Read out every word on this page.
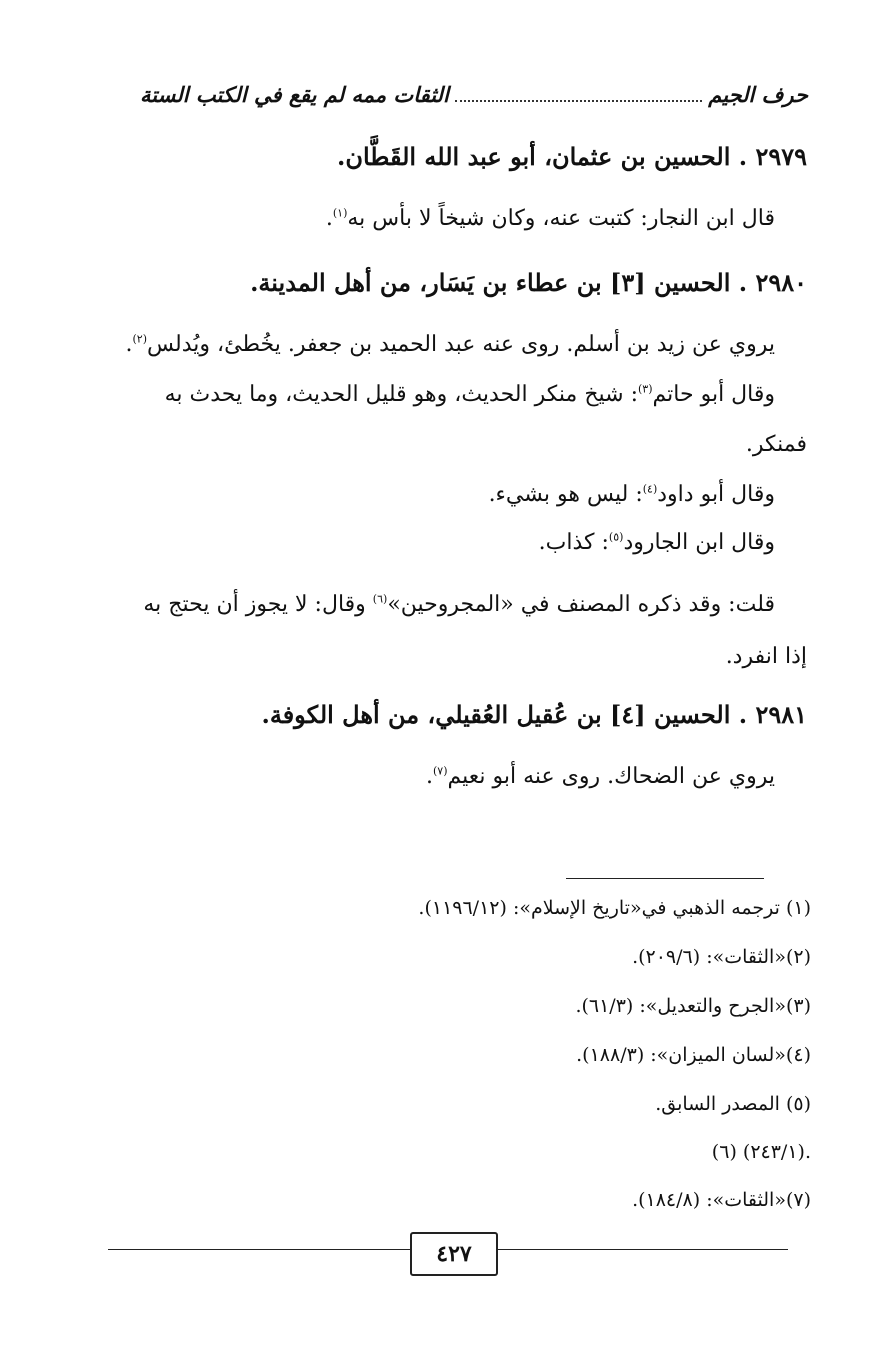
حرف الجيم
الثقات ممه لم يقع في الكتب الستة
٢٩٧٩ . الحسين بن عثمان، أبو عبد الله القَطَّان.
قال ابن النجار: كتبت عنه، وكان شيخاً لا بأس به$^{(١)}$.
٢٩٨٠ . الحسين [٣] بن عطاء بن يَسَار، من أهل المدينة.
يروي عن زيد بن أسلم. روى عنه عبد الحميد بن جعفر. يخُطئ، ويُدلس$^{(٢)}$.
وقال أبو حاتم$^{(٣)}$: شيخ منكر الحديث، وهو قليل الحديث، وما يحدث به
فمنكر.
وقال أبو داود$^{(٤)}$: ليس هو بشيء.
وقال ابن الجارود$^{(٥)}$: كذاب.
قلت: وقد ذكره المصنف في «المجروحين»$^{(٦)}$ وقال: لا يجوز أن يحتج به
إذا انفرد.
٢٩٨١ . الحسين [٤] بن عُقيل العُقيلي، من أهل الكوفة.
يروي عن الضحاك. روى عنه أبو نعيم$^{(٧)}$.
(١) ترجمه الذهبي في«تاريخ الإسلام»: (١١٩٦/١٢).
(٢)«الثقات»: (٢٠٩/٦).
(٣)«الجرح والتعديل»: (٦١/٣).
(٤)«لسان الميزان»: (١٨٨/٣).
(٥) المصدر السابق.
(٦) (٢٤٣/١).
(٧)«الثقات»: (١٨٤/٨).
٤٢٧
